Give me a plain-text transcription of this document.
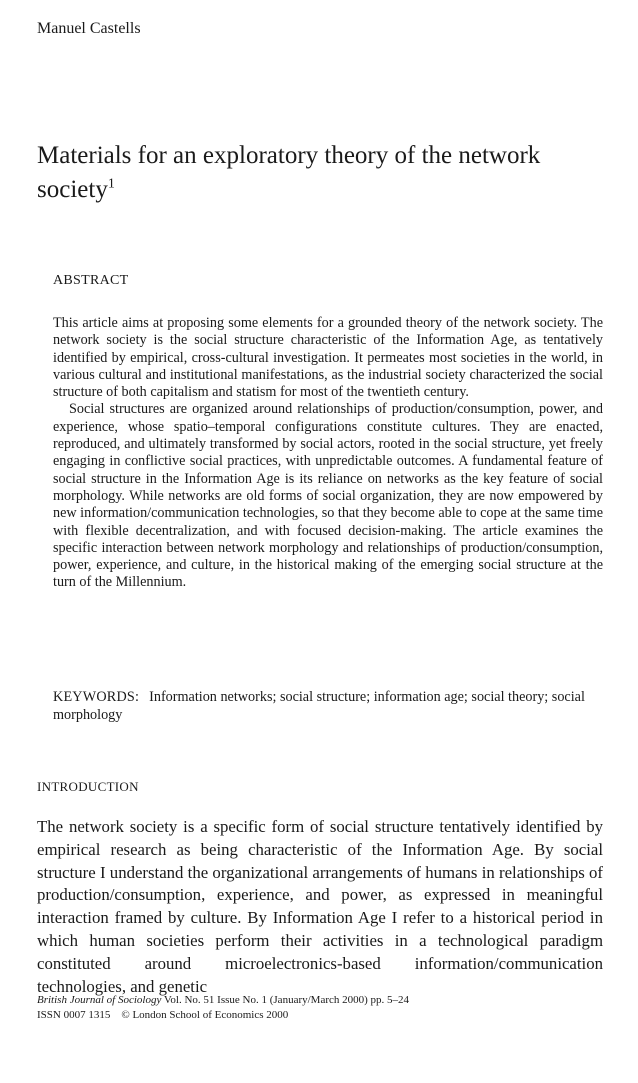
Manuel Castells
Materials for an exploratory theory of the network society$^1$
ABSTRACT

This article aims at proposing some elements for a grounded theory of the network society. The network society is the social structure characteristic of the Information Age, as tentatively identified by empirical, cross-cultural investigation. It permeates most societies in the world, in various cultural and institutional manifestations, as the industrial society characterized the social structure of both capitalism and statism for most of the twentieth century.

Social structures are organized around relationships of production/consumption, power, and experience, whose spatio–temporal configurations constitute cultures. They are enacted, reproduced, and ultimately transformed by social actors, rooted in the social structure, yet freely engaging in conflictive social practices, with unpredictable outcomes. A fundamental feature of social structure in the Information Age is its reliance on networks as the key feature of social morphology. While networks are old forms of social organization, they are now empowered by new information/communication technologies, so that they become able to cope at the same time with flexible decentralization, and with focused decision-making. The article examines the specific interaction between network morphology and relationships of production/consumption, power, experience, and culture, in the historical making of the emerging social structure at the turn of the Millennium.

KEYWORDS: Information networks; social structure; information age; social theory; social morphology
INTRODUCTION

The network society is a specific form of social structure tentatively identified by empirical research as being characteristic of the Information Age. By social structure I understand the organizational arrangements of humans in relationships of production/consumption, experience, and power, as expressed in meaningful interaction framed by culture. By Information Age I refer to a historical period in which human societies perform their activities in a technological paradigm constituted around microelectronics-based information/communication technologies, and genetic

British Journal of Sociology Vol. No. 51 Issue No. 1 (January/March 2000) pp. 5–24
ISSN 0007 1315 © London School of Economics 2000
